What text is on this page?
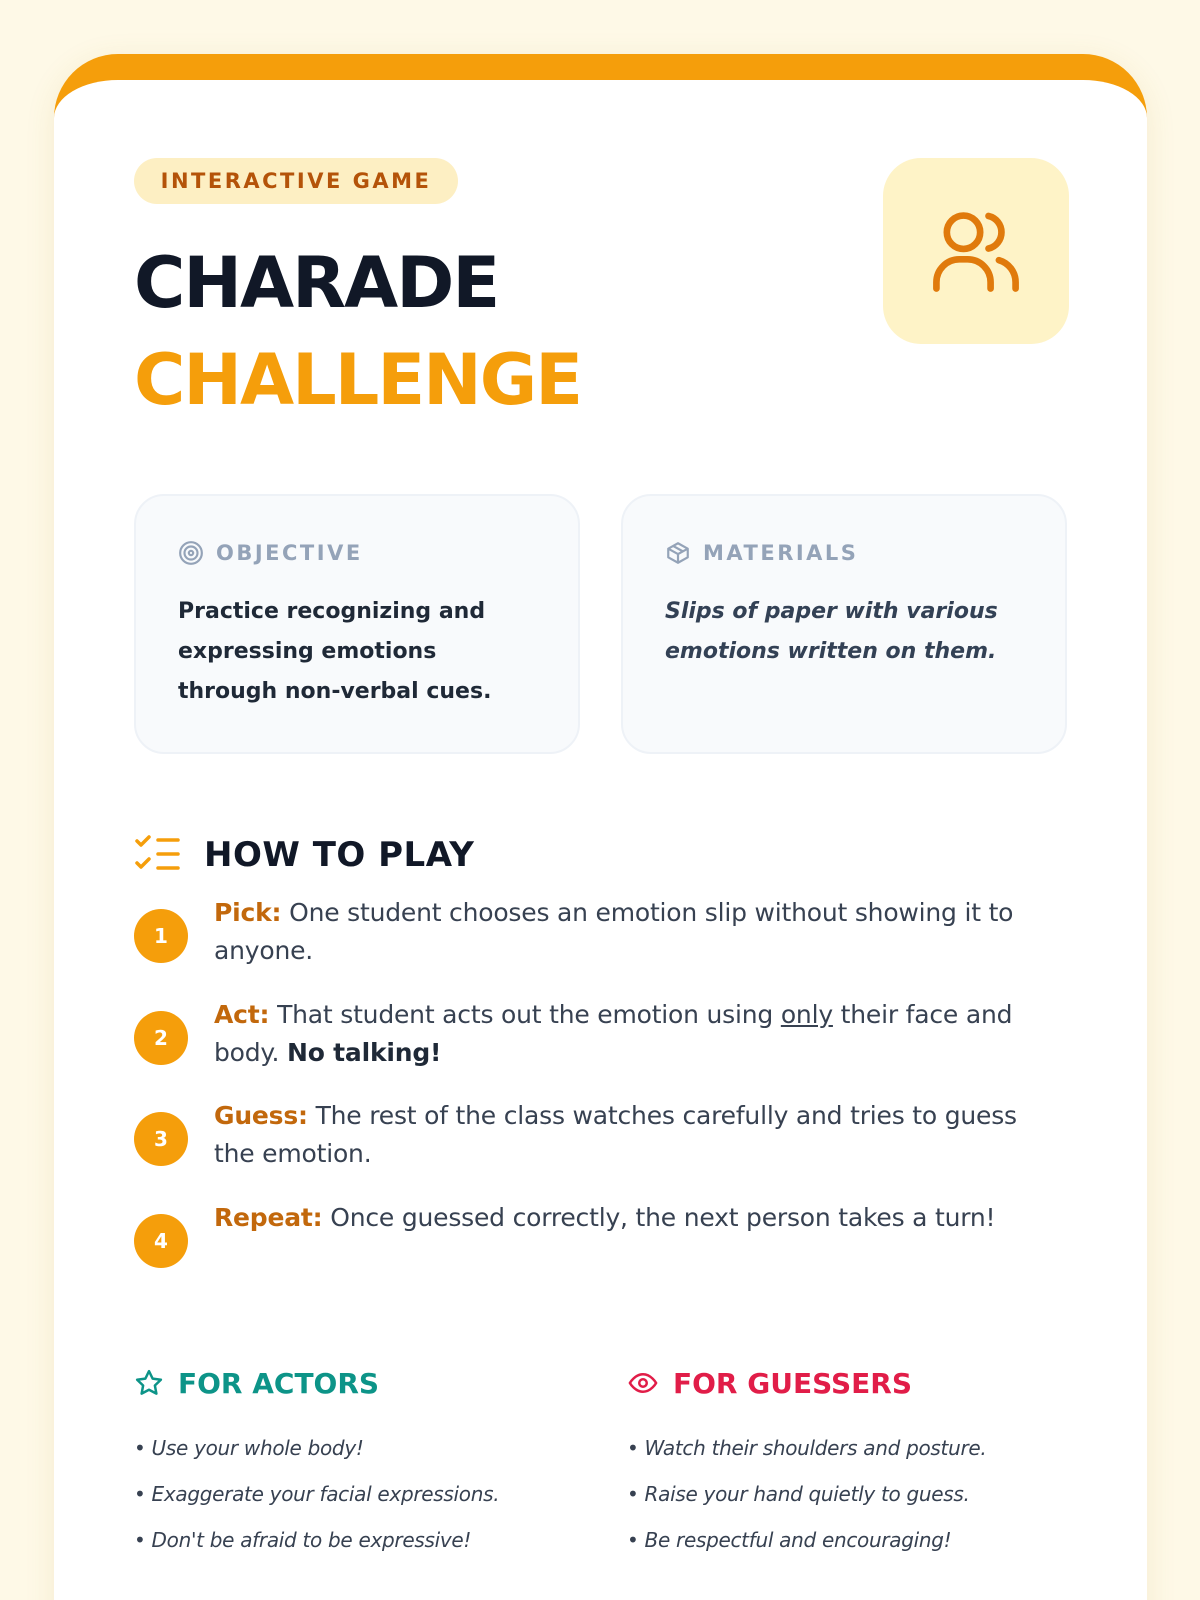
INTERACTIVE GAME
CHARADE
CHALLENGE
OBJECTIVE
Practice recognizing and expressing emotions through non-verbal cues.
MATERIALS
Slips of paper with various emotions written on them.
HOW TO PLAY
1
Pick: One student chooses an emotion slip without showing it to anyone.
2
Act: That student acts out the emotion using only their face and body. No talking!
3
Guess: The rest of the class watches carefully and tries to guess the emotion.
4
Repeat: Once guessed correctly, the next person takes a turn!
FOR ACTORS
• Use your whole body!
• Exaggerate your facial expressions.
• Don't be afraid to be expressive!
FOR GUESSERS
• Watch their shoulders and posture.
• Raise your hand quietly to guess.
• Be respectful and encouraging!
